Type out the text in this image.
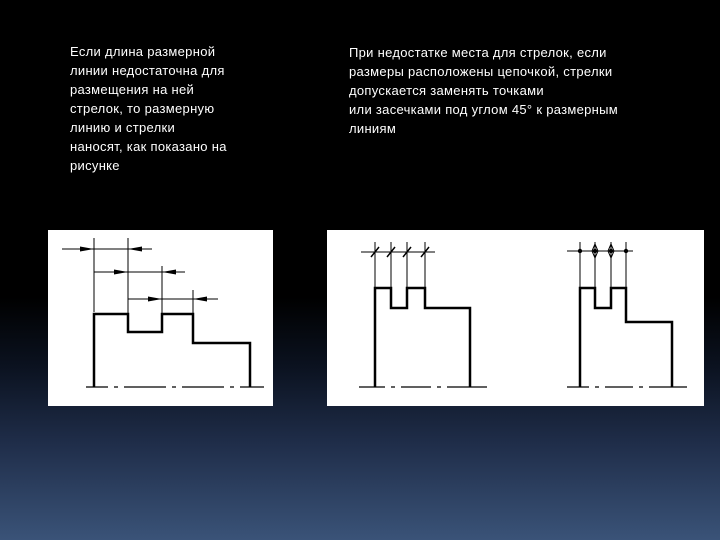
Если длина размерной
линии недостаточна для
размещения на ней
стрелок, то размерную
линию и стрелки
наносят, как показано на
рисунке
При недостатке места для стрелок, если
размеры расположены цепочкой, стрелки
допускается заменять точками
или засечками под углом 45° к размерным
линиям
